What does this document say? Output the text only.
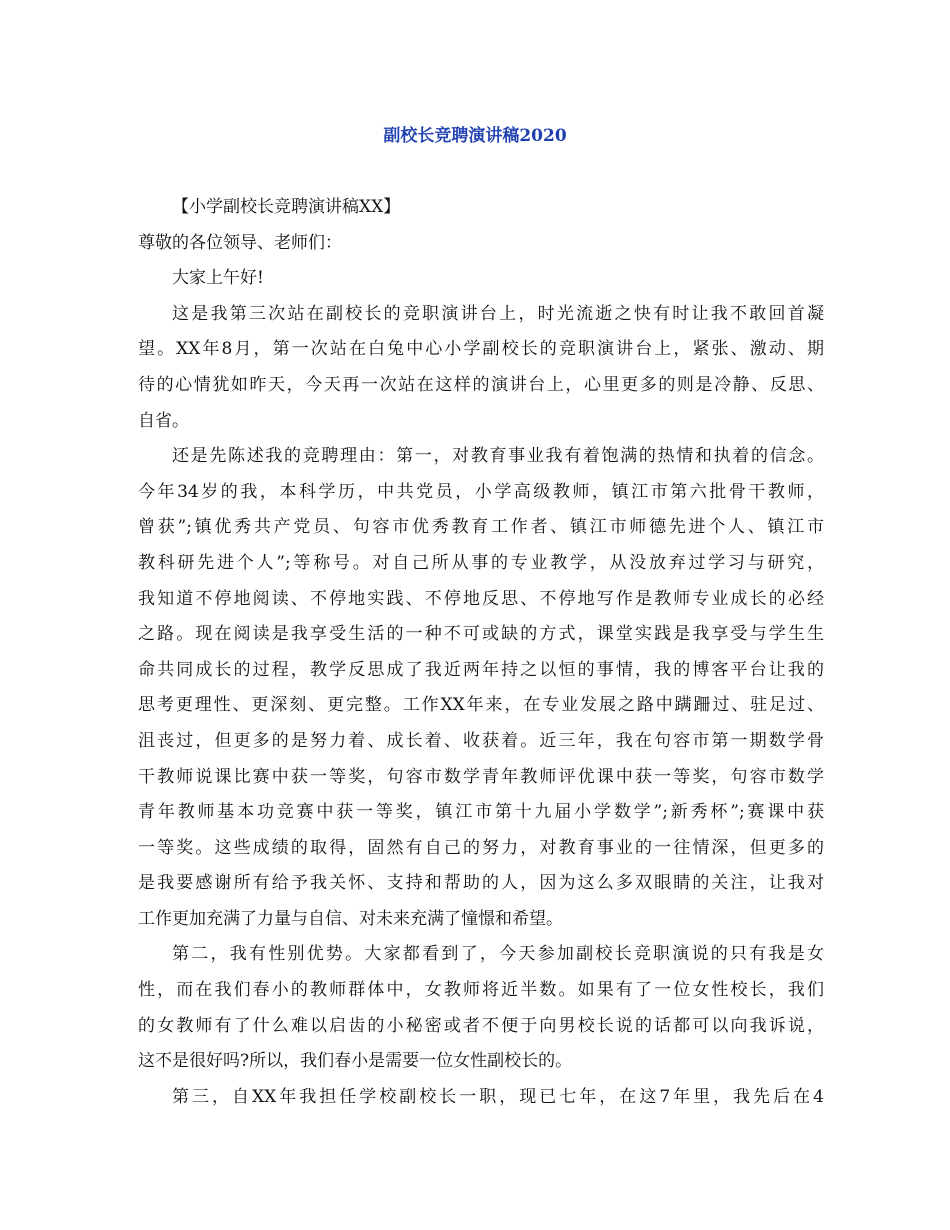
副校长竞聘演讲稿2020
【小学副校长竞聘演讲稿XX】
尊敬的各位领导、老师们：
大家上午好!
这是我第三次站在副校长的竞职演讲台上，时光流逝之快有时让我不敢回首凝
望。XX年8月，第一次站在白兔中心小学副校长的竞职演讲台上，紧张、激动、期
待的心情犹如昨天，今天再一次站在这样的演讲台上，心里更多的则是冷静、反思、
自省。
还是先陈述我的竞聘理由：第一，对教育事业我有着饱满的热情和执着的信念。
今年34岁的我，本科学历，中共党员，小学高级教师，镇江市第六批骨干教师，
曾获”;镇优秀共产党员、句容市优秀教育工作者、镇江市师德先进个人、镇江市
教科研先进个人”;等称号。对自己所从事的专业教学，从没放弃过学习与研究，
我知道不停地阅读、不停地实践、不停地反思、不停地写作是教师专业成长的必经
之路。现在阅读是我享受生活的一种不可或缺的方式，课堂实践是我享受与学生生
命共同成长的过程，教学反思成了我近两年持之以恒的事情，我的博客平台让我的
思考更理性、更深刻、更完整。工作XX年来，在专业发展之路中蹒跚过、驻足过、
沮丧过，但更多的是努力着、成长着、收获着。近三年，我在句容市第一期数学骨
干教师说课比赛中获一等奖，句容市数学青年教师评优课中获一等奖，句容市数学
青年教师基本功竞赛中获一等奖，镇江市第十九届小学数学”;新秀杯”;赛课中获
一等奖。这些成绩的取得，固然有自己的努力，对教育事业的一往情深，但更多的
是我要感谢所有给予我关怀、支持和帮助的人，因为这么多双眼睛的关注，让我对
工作更加充满了力量与自信、对未来充满了憧憬和希望。
第二，我有性别优势。大家都看到了，今天参加副校长竞职演说的只有我是女
性，而在我们春小的教师群体中，女教师将近半数。如果有了一位女性校长，我们
的女教师有了什么难以启齿的小秘密或者不便于向男校长说的话都可以向我诉说，
这不是很好吗?所以，我们春小是需要一位女性副校长的。
第三，自XX年我担任学校副校长一职，现已七年，在这7年里，我先后在4
